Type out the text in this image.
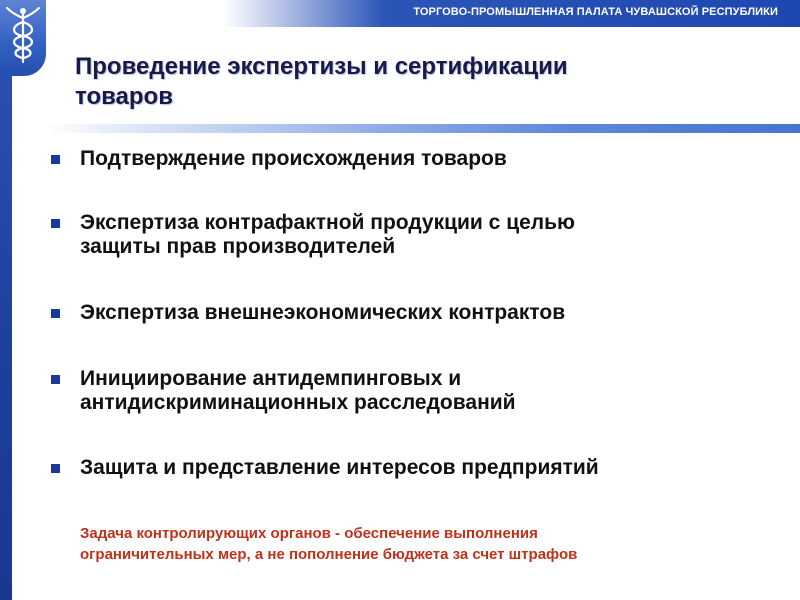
ТОРГОВО-ПРОМЫШЛЕННАЯ ПАЛАТА ЧУВАШСКОЙ РЕСПУБЛИКИ
Проведение экспертизы и сертификации
товаров
Подтверждение происхождения товаров
Экспертиза контрафактной продукции с целью
защиты прав производителей
Экспертиза внешнеэкономических контрактов
Инициирование антидемпинговых и
антидискриминационных расследований
Защита и представление интересов предприятий
Задача контролирующих органов - обеспечение выполнения
ограничительных мер, а не пополнение бюджета за счет штрафов
